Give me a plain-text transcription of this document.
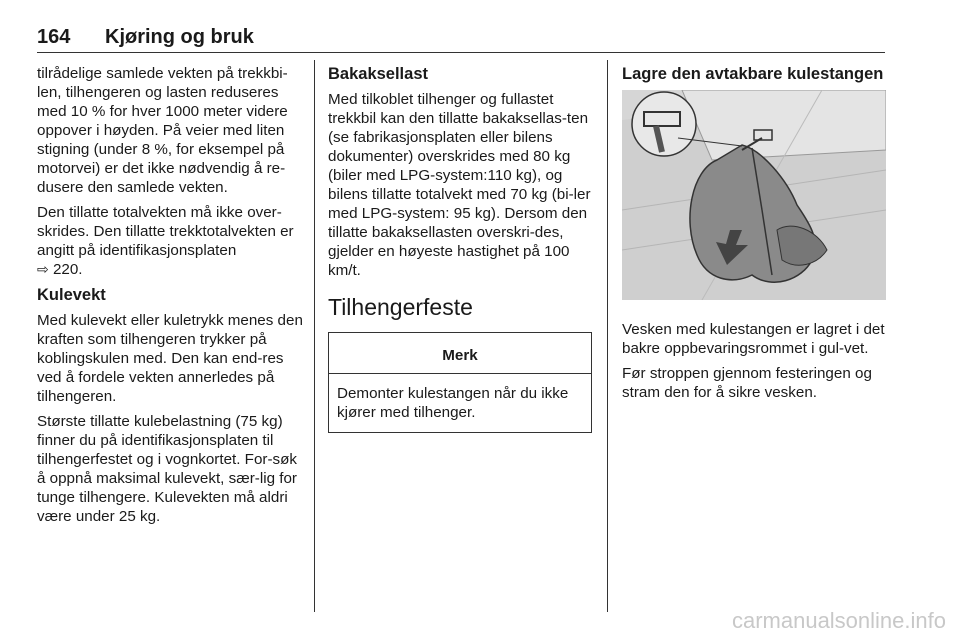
164 Kjøring og bruk

tilrådelige samlede vekten på trekkbi-len, tilhengeren og lasten reduseres med 10 % for hver 1000 meter videre oppover i høyden. På veier med liten stigning (under 8 %, for eksempel på motorvei) er det ikke nødvendig å re-dusere den samlede vekten.

Den tillatte totalvekten må ikke over-skrides. Den tillatte trekktotalvekten er angitt på identifikasjonsplaten
⇨ 220.

Kulevekt

Med kulevekt eller kuletrykk menes den kraften som tilhengeren trykker på koblingskulen med. Den kan end-res ved å fordele vekten annerledes på tilhengeren.

Største tillatte kulebelastning (75 kg) finner du på identifikasjonsplaten til tilhengerfestet og i vognkortet. For-søk å oppnå maksimal kulevekt, sær-lig for tunge tilhengere. Kulevekten må aldri være under 25 kg.

Bakaksellast

Med tilkoblet tilhenger og fullastet trekkbil kan den tillatte bakaksellas-ten (se fabrikasjonsplaten eller bilens dokumenter) overskrides med 80 kg (biler med LPG-system:110 kg), og bilens tillatte totalvekt med 70 kg (bi-ler med LPG-system: 95 kg). Dersom den tillatte bakaksellasten overskri-des, gjelder en høyeste hastighet på 100 km/t.

Tilhengerfeste
Merk
Demonter kulestangen når du ikke kjører med tilhenger.
Lagre den avtakbare kulestangen

Vesken med kulestangen er lagret i det bakre oppbevaringsrommet i gul-vet.

Før stroppen gjennom festeringen og stram den for å sikre vesken.

carmanualsonline.info
